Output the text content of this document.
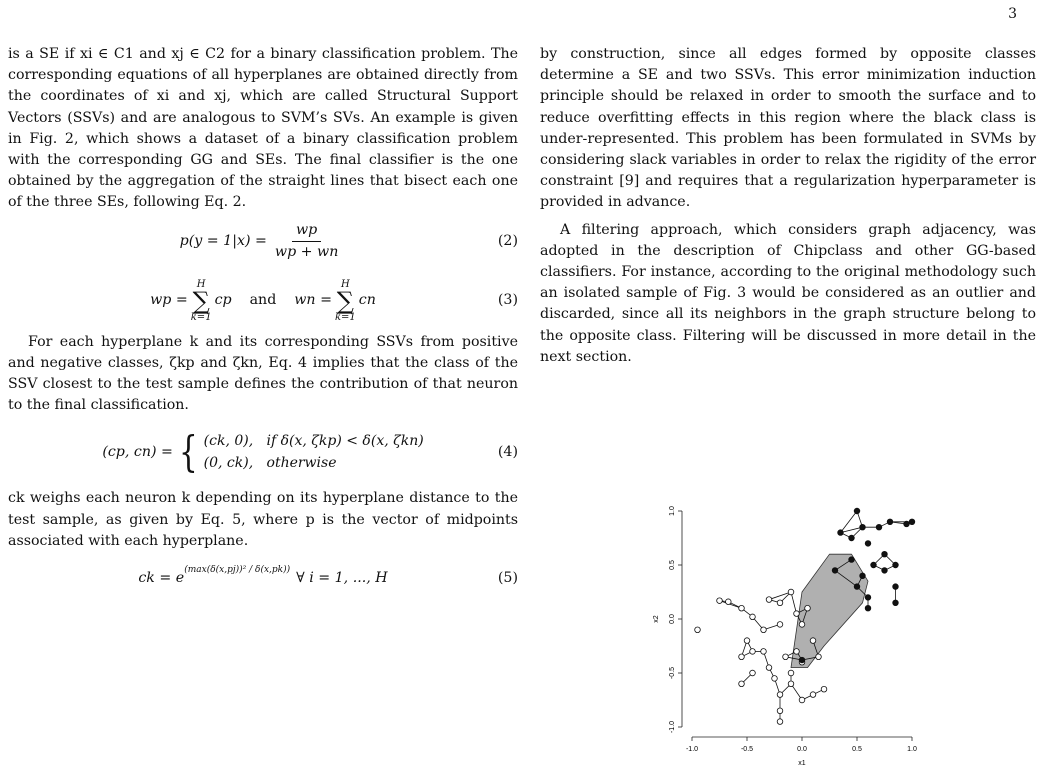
3

is a SE if xi ∈ C1 and xj ∈ C2 for a binary classification problem. The corresponding equations of all hyperplanes are obtained directly from the coordinates of xi and xj, which are called Structural Support Vectors (SSVs) and are analogous to SVM’s SVs. An example is given in Fig. 2, which shows a dataset of a binary classification problem with the corresponding GG and SEs. The final classifier is the one obtained by the aggregation of the straight lines that bisect each one of the three SEs, following Eq. 2.

$p(y = 1|x) = \frac{wp}{wp + wn}$	(2)
wp =
H
∑
k=1
cp and wn =
H
∑
k=1
cn	(3)

For each hyperplane k and its corresponding SSVs from positive and negative classes, ζkp and ζkn, Eq. 4 implies that the class of the SSV closest to the test sample defines the contribution of that neuron to the final classification.

(cp, cn) = { (ck, 0),   if δ(x, ζkp) < δ(x, ζkn)
(0, ck),   otherwise
(4)

ck weighs each neuron k depending on its hyperplane distance to the test sample, as given by Eq. 5, where p is the vector of midpoints associated with each hyperplane.

ck = $e^{(max(\delta(x,pj))^2 / \delta(x,pk))}$ ∀ i = 1, ..., H	(5)

by construction, since all edges formed by opposite classes determine a SE and two SSVs. This error minimization induction principle should be relaxed in order to smooth the surface and to reduce overfitting effects in this region where the black class is under-represented. This problem has been formulated in SVMs by considering slack variables in order to relax the rigidity of the error constraint [9] and requires that a regularization hyperparameter is provided in advance.

A filtering approach, which considers graph adjacency, was adopted in the description of Chipclass and other GG-based classifiers. For instance, according to the original methodology such an isolated sample of Fig. 3 would be considered as an outlier and discarded, since all its neighbors in the graph structure belong to the opposite class. Filtering will be discussed in more detail in the next section.

-1.0	-0.5	0.0	0.5	1.0
-1.0
-0.5
0.0
0.5
1.0
x1
x2
